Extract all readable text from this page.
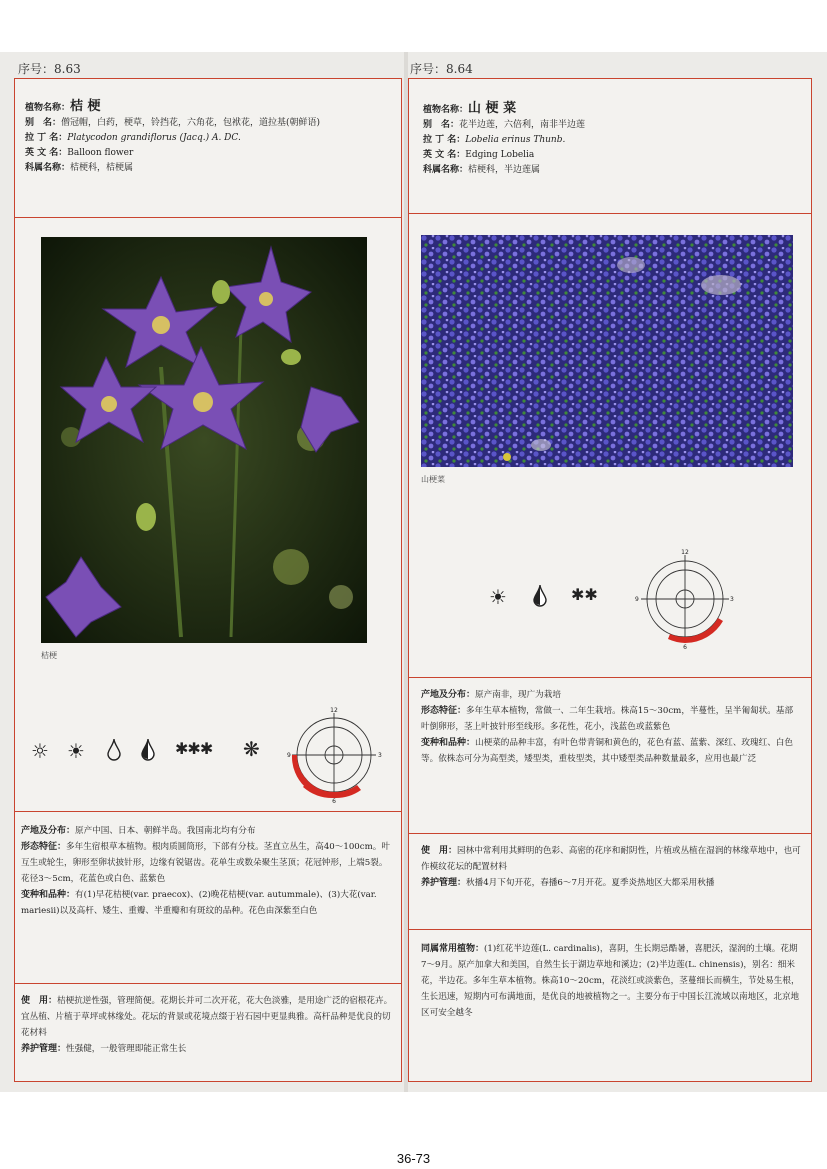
序号：8.63
植物名称：桔 梗
别　名：僧冠帽，白药，梗草，铃挡花，六角花，包袱花，道拉基(朝鲜语)
拉 丁 名：Platycodon grandiflorus (Jacq.) A. DC.
英 文 名：Balloon flower
科属名称：桔梗科，桔梗属
桔梗
☼ ☀	✱✱✱ ❋
12
3
6
9
产地及分布：原产中国、日本、朝鲜半岛。我国南北均有分布
形态特征：多年生宿根草本植物。根肉质圆筒形，下部有分枝。茎直立丛生，高40～100cm。叶互生或轮生，卵形至卵状披针形，边缘有锐锯齿。花单生或数朵聚生茎顶；花冠钟形，上端5裂。花径3～5cm，花蓝色或白色、蓝紫色
变种和品种：有(1)早花桔梗(var. praecox)、(2)晚花桔梗(var. autummale)、(3)大花(var. mariesii)以及高杆、矮生、重瓣、半重瓣和有斑纹的品种。花色由深紫至白色
使　用：桔梗抗逆性强，管理简便。花期长并可二次开花，花大色淡雅，是用途广泛的宿根花卉。宜丛植、片植于草坪或林缘处。花坛的背景或花境点缀于岩石园中更显典雅。高杆品种是优良的切花材料
养护管理：性强健，一般管理即能正常生长
序号：8.64
植物名称：山 梗 菜
别　名：花半边莲，六倍利，南非半边莲
拉 丁 名：Lobelia erinus Thunb.
英 文 名：Edging Lobelia
科属名称：桔梗科，半边莲属
山梗菜
☀	✱✱
12
3
6
9
产地及分布：原产南非，现广为栽培
形态特征：多年生草本植物，常做一、二年生栽培。株高15～30cm，半蔓性，呈半匍匐状。基部叶倒卵形，茎上叶披针形至线形。多花性，花小，浅蓝色或蓝紫色
变种和品种：山梗菜的品种丰富，有叶色带青铜和黄色的，花色有蓝、蓝紫、深红、玫瑰红、白色等。依株态可分为高型类，矮型类，重枝型类，其中矮型类品种数量最多，应用也最广泛
使　用：园林中常利用其鲜明的色彩、高密的花序和耐阴性，片植或丛植在湿润的林缘草地中，也可作模纹花坛的配置材料
养护管理：秋播4月下旬开花，春播6～7月开花。夏季炎热地区大都采用秋播
同属常用植物：(1)红花半边莲(L. cardinalis)，喜阴，生长期忌酷暑，喜肥沃，湿润的土壤。花期7～9月。原产加拿大和美国，自然生长于湖边草地和溪边；(2)半边莲(L. chinensis)，别名：细米花，半边花。多年生草本植物。株高10～20cm，花淡红或淡紫色，茎蔓细长而横生，节处易生根，生长迅速，短期内可布满地面，是优良的地被植物之一。主要分布于中国长江流域以南地区，北京地区可安全越冬
36-73
